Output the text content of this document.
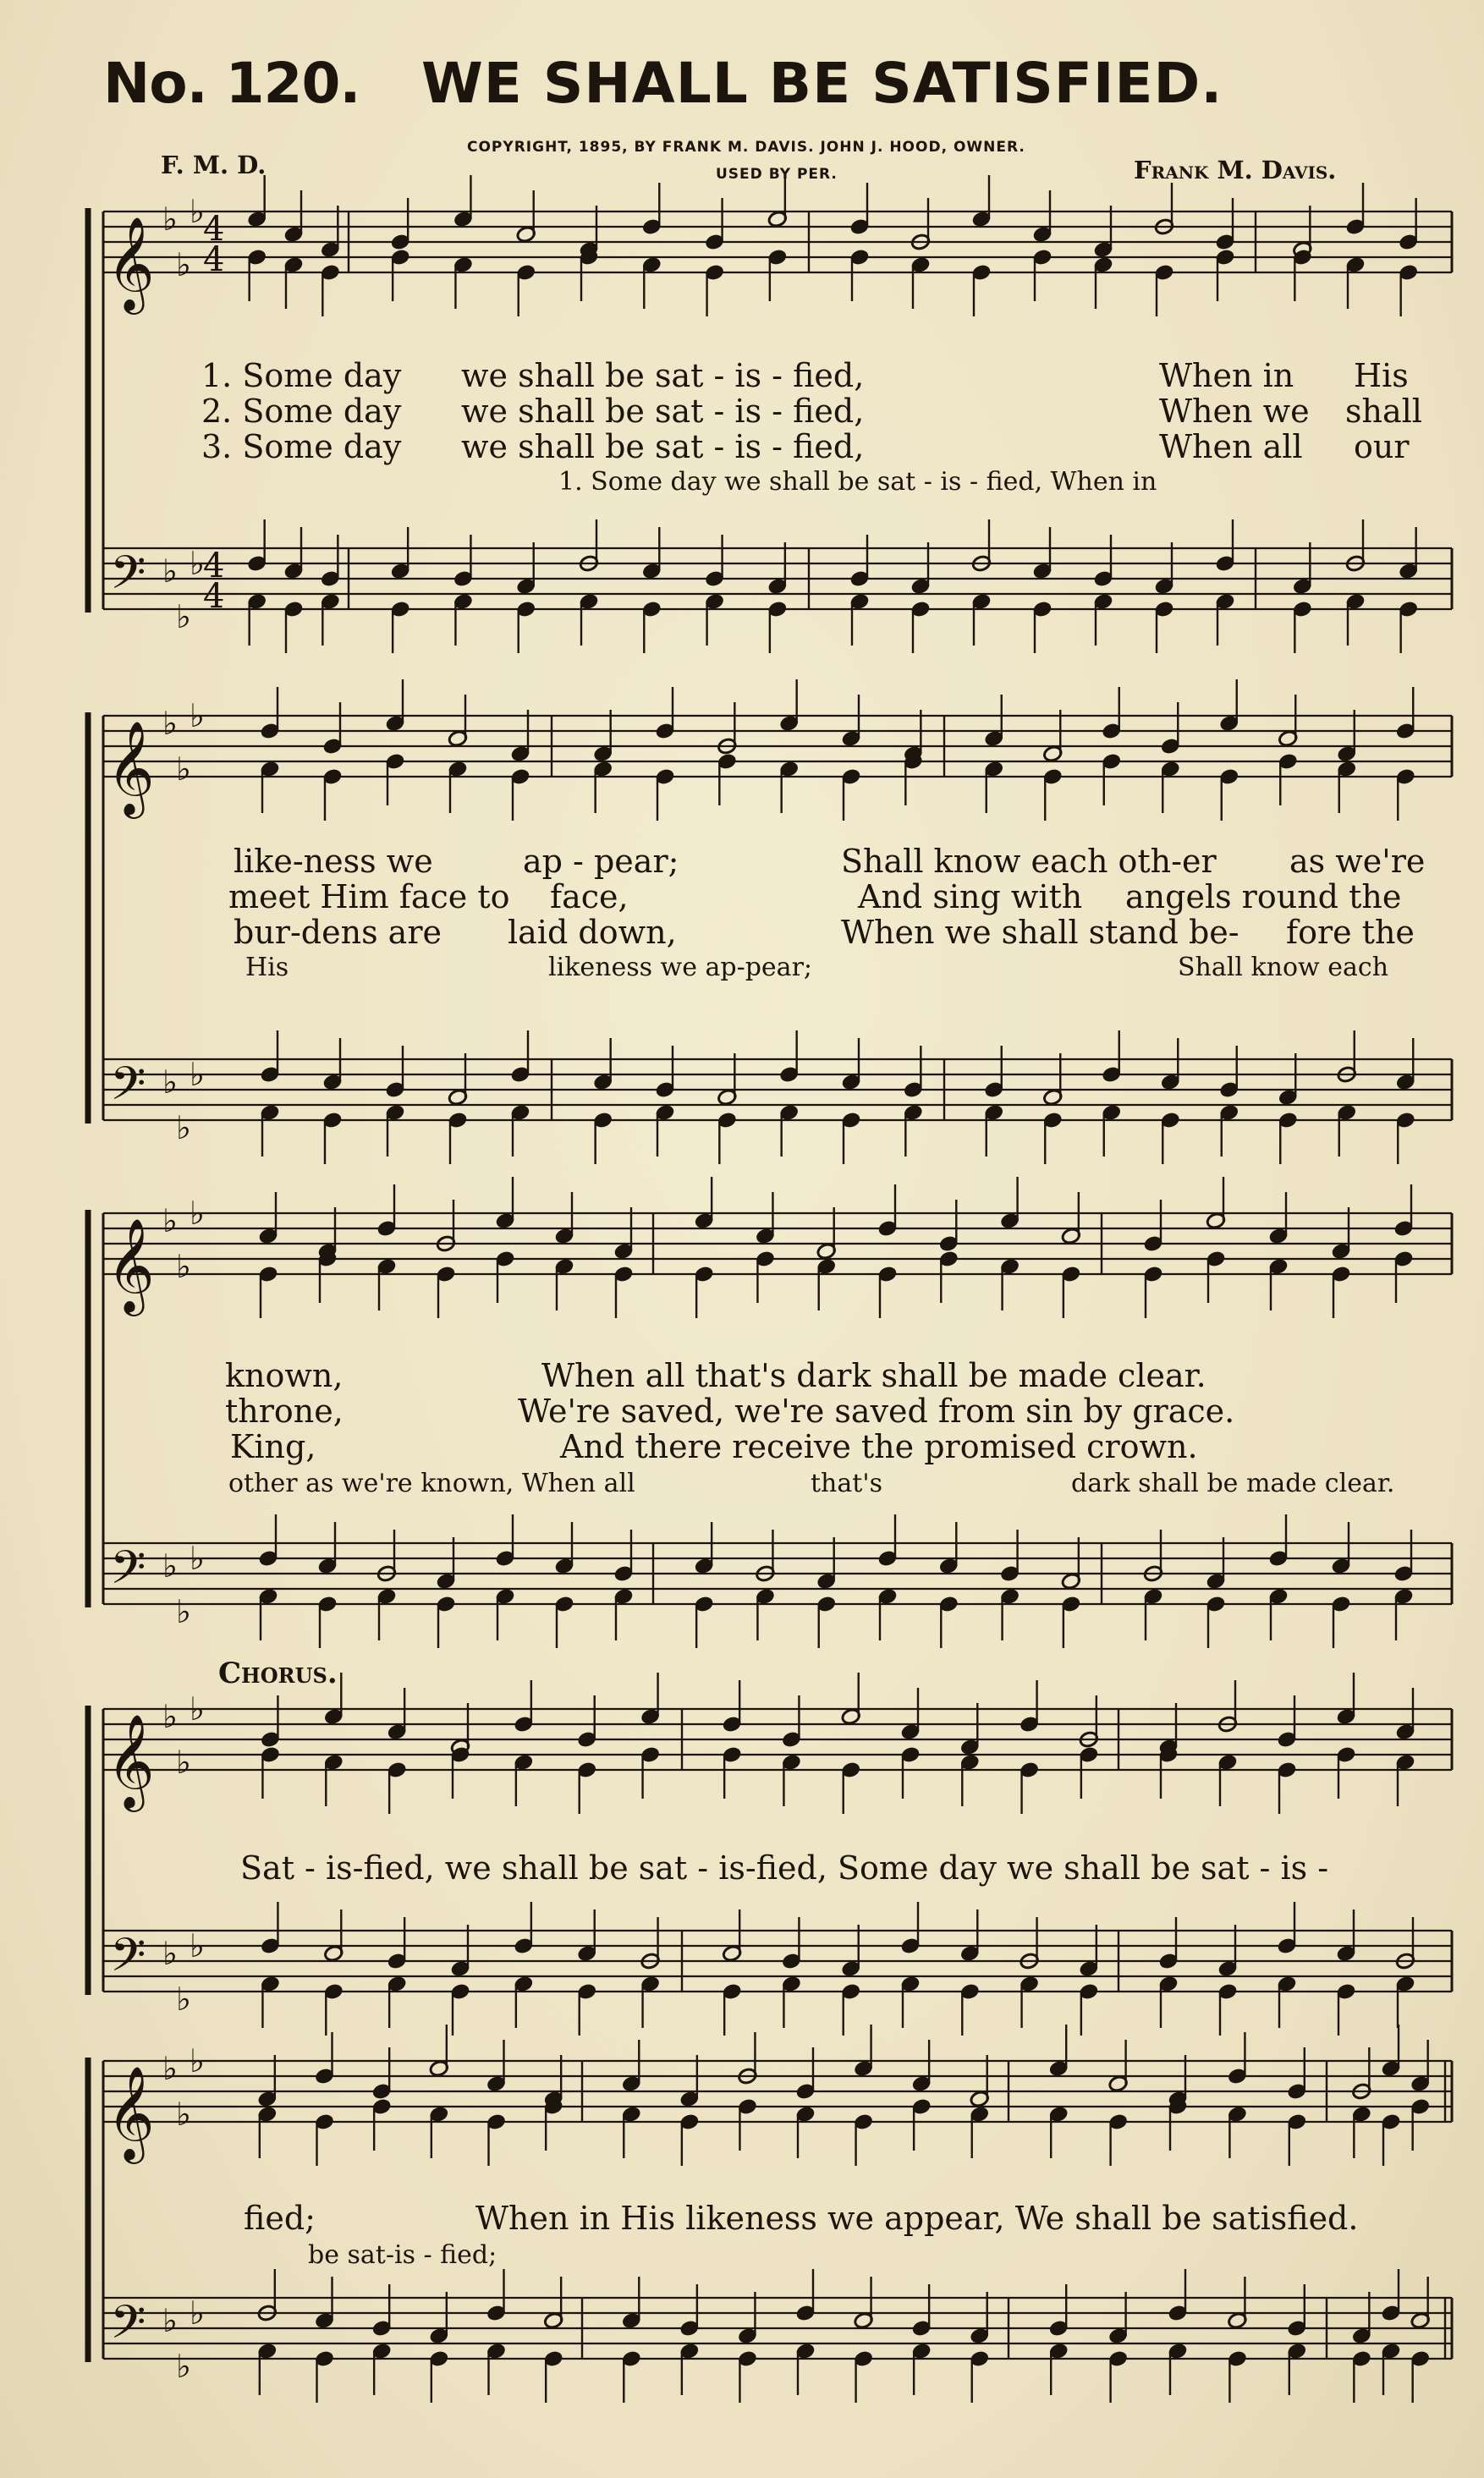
No. 120. WE SHALL BE SATISFIED.
COPYRIGHT, 1895, BY FRANK M. DAVIS. JOHN J. HOOD, OWNER.
USED BY PER.
F. M. D.	Frank M. Davis.
𝄞
𝄢
♭
♭
♭
♭
♭
♭
4
4
4
4
𝄞
𝄢
♭
♭
♭
♭
♭
♭
𝄞
𝄢
♭
♭
♭
♭
♭
♭
𝄞
𝄢
♭
♭
♭
♭
♭
♭
𝄞
𝄢
♭
♭
♭
♭
♭
♭
1. Some day we shall be sat - is - fied,	When in His
2. Some day we shall be sat - is - fied,	When we shall
3. Some day we shall be sat - is - fied,	When all our
1. Some day we shall be sat - is - fied, When in
like-ness we	ap - pear;	Shall know each oth-er as we're
meet Him face to face,	And sing with angels round the
bur-dens are laid down,	When we shall stand be- fore the
His	likeness we ap-pear;	Shall know each
known,	When all that's dark shall be made clear.
throne,	We're saved, we're saved from sin by grace.
King,	And there receive the promised crown.
other as we're known, When all	that's	dark shall be made clear.
Chorus.
Sat - is-fied, we shall be sat - is-fied, Some day we shall be sat - is -
fied;	When in His likeness we appear, We shall be satisfied.
be sat-is - fied;
